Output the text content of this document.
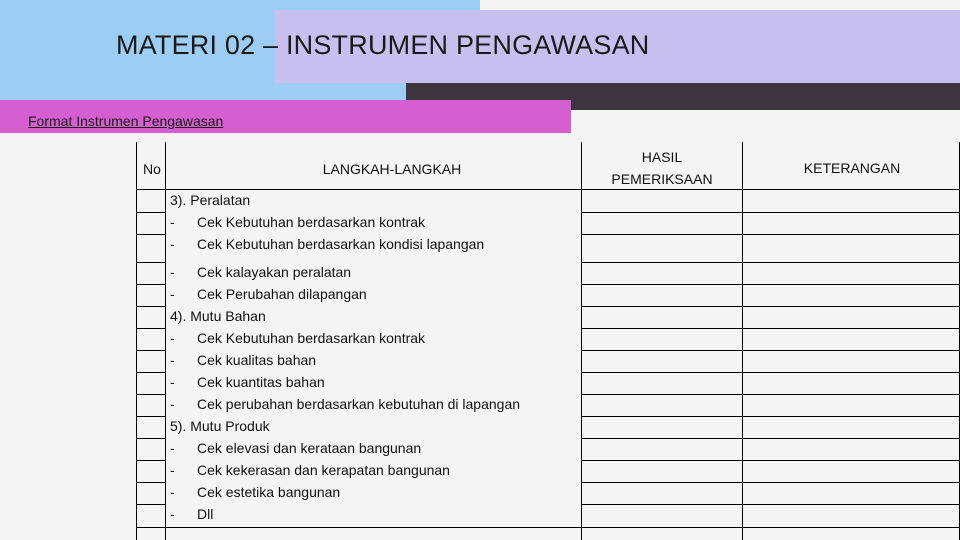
MATERI 02 – INSTRUMEN PENGAWASAN
Format Instrumen Pengawasan
No	LANGKAH-LANGKAH
HASIL
PEMERIKSAAN
KETERANGAN
3). Peralatan
- Cek Kebutuhan berdasarkan kontrak
- Cek Kebutuhan berdasarkan kondisi lapangan
- Cek kalayakan peralatan
- Cek Perubahan dilapangan
4). Mutu Bahan
- Cek Kebutuhan berdasarkan kontrak
- Cek kualitas bahan
- Cek kuantitas bahan
- Cek perubahan berdasarkan kebutuhan di lapangan
5). Mutu Produk
- Cek elevasi dan kerataan bangunan
- Cek kekerasan dan kerapatan bangunan
- Cek estetika bangunan
- Dll
